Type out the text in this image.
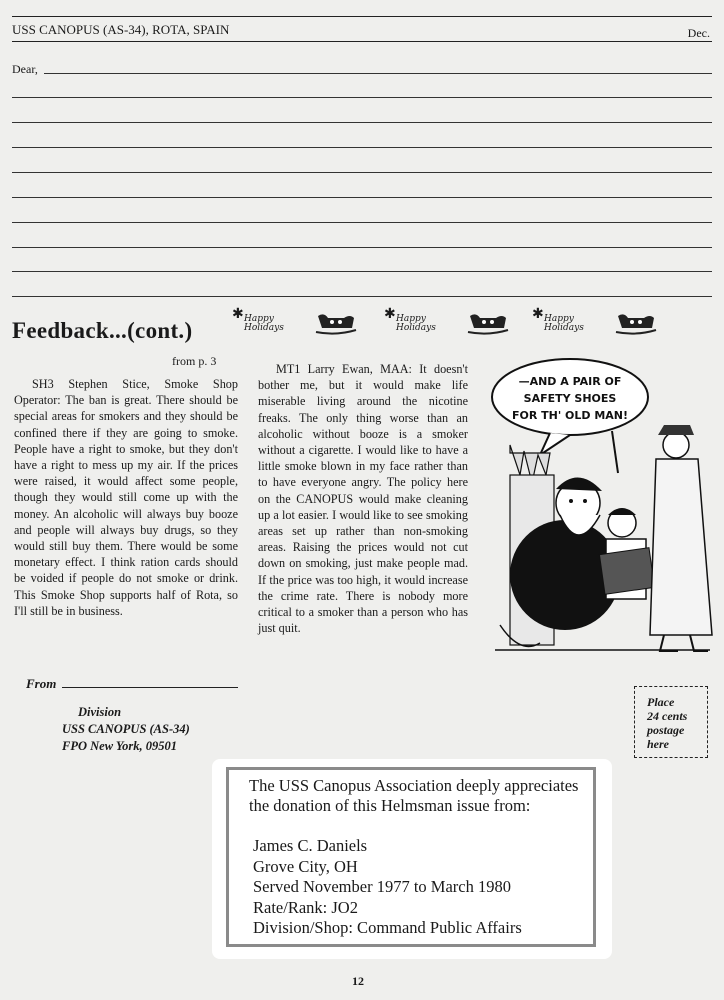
USS CANOPUS (AS-34), ROTA, SPAIN	Dec.
Dear,
Feedback...(cont.)
from p. 3
✱ Happy
Holidays
✱ Happy
Holidays
✱ Happy
Holidays
SH3 Stephen Stice, Smoke Shop Operator: The ban is great. There should be special areas for smokers and they should be confined there if they are going to smoke. People have a right to smoke, but they don't have a right to mess up my air. If the prices were raised, it would affect some people, though they would still come up with the money. An alcoholic will always buy booze and people will always buy drugs, so they would still buy them. There would be some monetary effect. I think ration cards should be voided if people do not smoke or drink. This Smoke Shop supports half of Rota, so I'll still be in business.
MT1 Larry Ewan, MAA: It doesn't bother me, but it would make life miserable living around the nicotine freaks. The only thing worse than an alcoholic without booze is a smoker without a cigarette. I would like to have a little smoke blown in my face rather than to have everyone angry. The policy here on the CANOPUS would make cleaning up a lot easier. I would like to see smoking areas set up rather than non-smoking areas. Raising the prices would not cut down on smoking, just make people mad. If the price was too high, it would increase the crime rate. There is nobody more critical to a smoker than a person who has just quit.
—AND A PAIR OF
SAFETY SHOES
FOR TH' OLD MAN!
From
Division
USS CANOPUS (AS-34)
FPO New York, 09501
Place
24 cents
postage
here
The USS Canopus Association deeply appreciates the donation of this Helmsman issue from:
James C. Daniels
Grove City, OH
Served November 1977 to March 1980
Rate/Rank: JO2
Division/Shop: Command Public Affairs
12
